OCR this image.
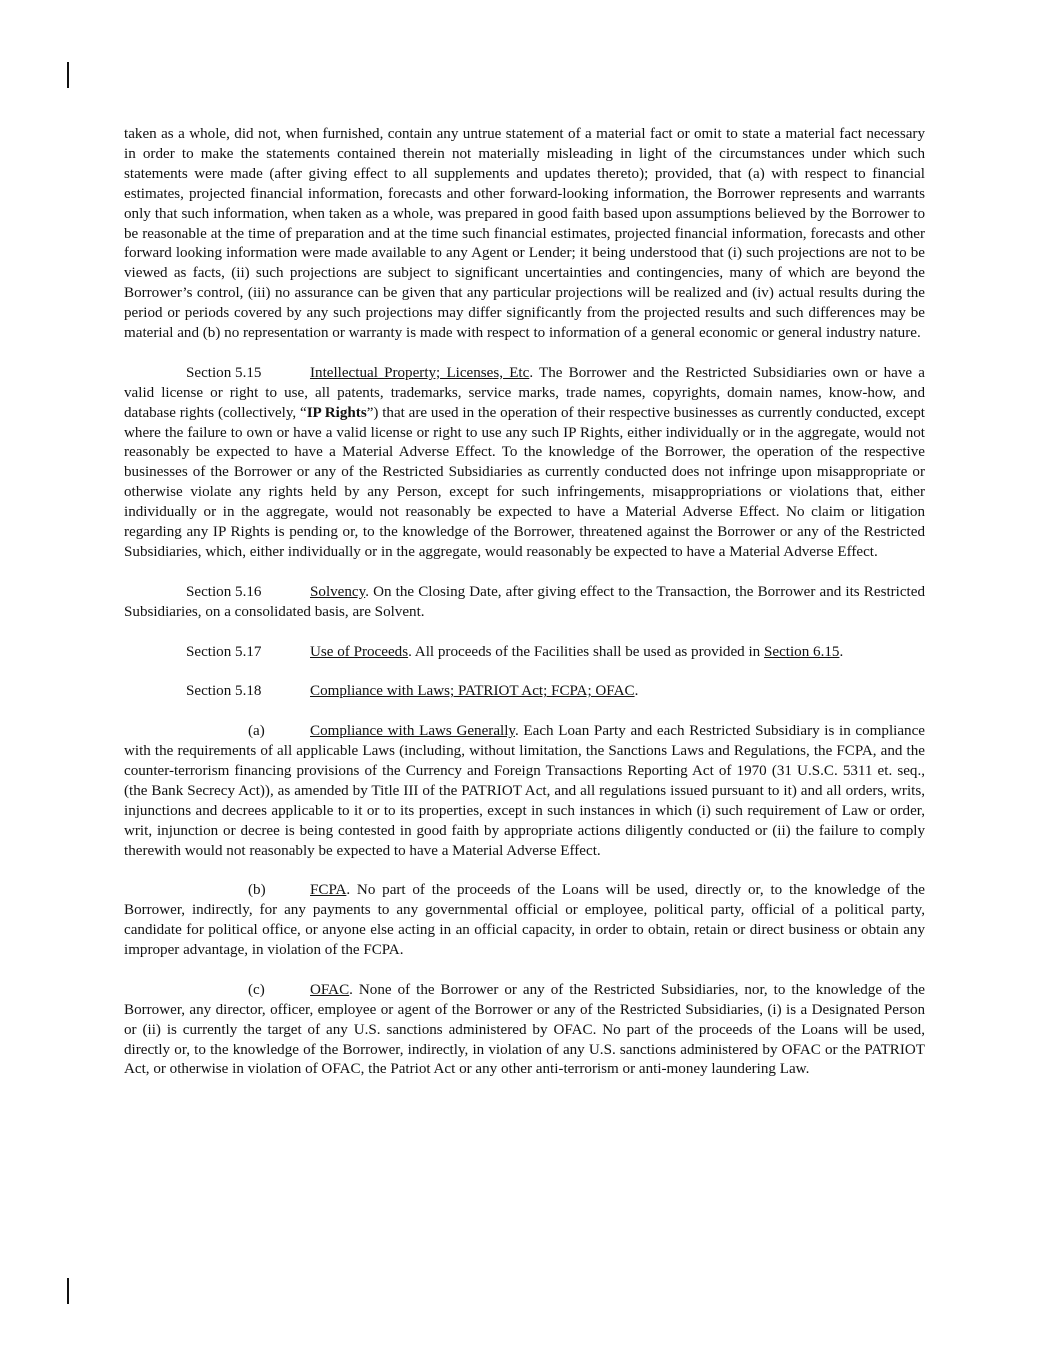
taken as a whole, did not, when furnished, contain any untrue statement of a material fact or omit to state a material fact necessary in order to make the statements contained therein not materially misleading in light of the circumstances under which such statements were made (after giving effect to all supplements and updates thereto); provided, that (a) with respect to financial estimates, projected financial information, forecasts and other forward-looking information, the Borrower represents and warrants only that such information, when taken as a whole, was prepared in good faith based upon assumptions believed by the Borrower to be reasonable at the time of preparation and at the time such financial estimates, projected financial information, forecasts and other forward looking information were made available to any Agent or Lender; it being understood that (i) such projections are not to be viewed as facts, (ii) such projections are subject to significant uncertainties and contingencies, many of which are beyond the Borrower’s control, (iii) no assurance can be given that any particular projections will be realized and (iv) actual results during the period or periods covered by any such projections may differ significantly from the projected results and such differences may be material and (b) no representation or warranty is made with respect to information of a general economic or general industry nature.

Section 5.15	Intellectual Property; Licenses, Etc. The Borrower and the Restricted Subsidiaries own or have a valid license or right to use, all patents, trademarks, service marks, trade names, copyrights, domain names, know-how, and database rights (collectively, “IP Rights”) that are used in the operation of their respective businesses as currently conducted, except where the failure to own or have a valid license or right to use any such IP Rights, either individually or in the aggregate, would not reasonably be expected to have a Material Adverse Effect. To the knowledge of the Borrower, the operation of the respective businesses of the Borrower or any of the Restricted Subsidiaries as currently conducted does not infringe upon misappropriate or otherwise violate any rights held by any Person, except for such infringements, misappropriations or violations that, either individually or in the aggregate, would not reasonably be expected to have a Material Adverse Effect. No claim or litigation regarding any IP Rights is pending or, to the knowledge of the Borrower, threatened against the Borrower or any of the Restricted Subsidiaries, which, either individually or in the aggregate, would reasonably be expected to have a Material Adverse Effect.

Section 5.16	Solvency. On the Closing Date, after giving effect to the Transaction, the Borrower and its Restricted Subsidiaries, on a consolidated basis, are Solvent.

Section 5.17	Use of Proceeds. All proceeds of the Facilities shall be used as provided in Section 6.15.

Section 5.18	Compliance with Laws; PATRIOT Act; FCPA; OFAC.

(a)	Compliance with Laws Generally. Each Loan Party and each Restricted Subsidiary is in compliance with the requirements of all applicable Laws (including, without limitation, the Sanctions Laws and Regulations, the FCPA, and the counter-terrorism financing provisions of the Currency and Foreign Transactions Reporting Act of 1970 (31 U.S.C. 5311 et. seq., (the Bank Secrecy Act)), as amended by Title III of the PATRIOT Act, and all regulations issued pursuant to it) and all orders, writs, injunctions and decrees applicable to it or to its properties, except in such instances in which (i) such requirement of Law or order, writ, injunction or decree is being contested in good faith by appropriate actions diligently conducted or (ii) the failure to comply therewith would not reasonably be expected to have a Material Adverse Effect.

(b)	FCPA. No part of the proceeds of the Loans will be used, directly or, to the knowledge of the Borrower, indirectly, for any payments to any governmental official or employee, political party, official of a political party, candidate for political office, or anyone else acting in an official capacity, in order to obtain, retain or direct business or obtain any improper advantage, in violation of the FCPA.

(c)	OFAC. None of the Borrower or any of the Restricted Subsidiaries, nor, to the knowledge of the Borrower, any director, officer, employee or agent of the Borrower or any of the Restricted Subsidiaries, (i) is a Designated Person or (ii) is currently the target of any U.S. sanctions administered by OFAC. No part of the proceeds of the Loans will be used, directly or, to the knowledge of the Borrower, indirectly, in violation of any U.S. sanctions administered by OFAC or the PATRIOT Act, or otherwise in violation of OFAC, the Patriot Act or any other anti-terrorism or anti-money laundering Law.
